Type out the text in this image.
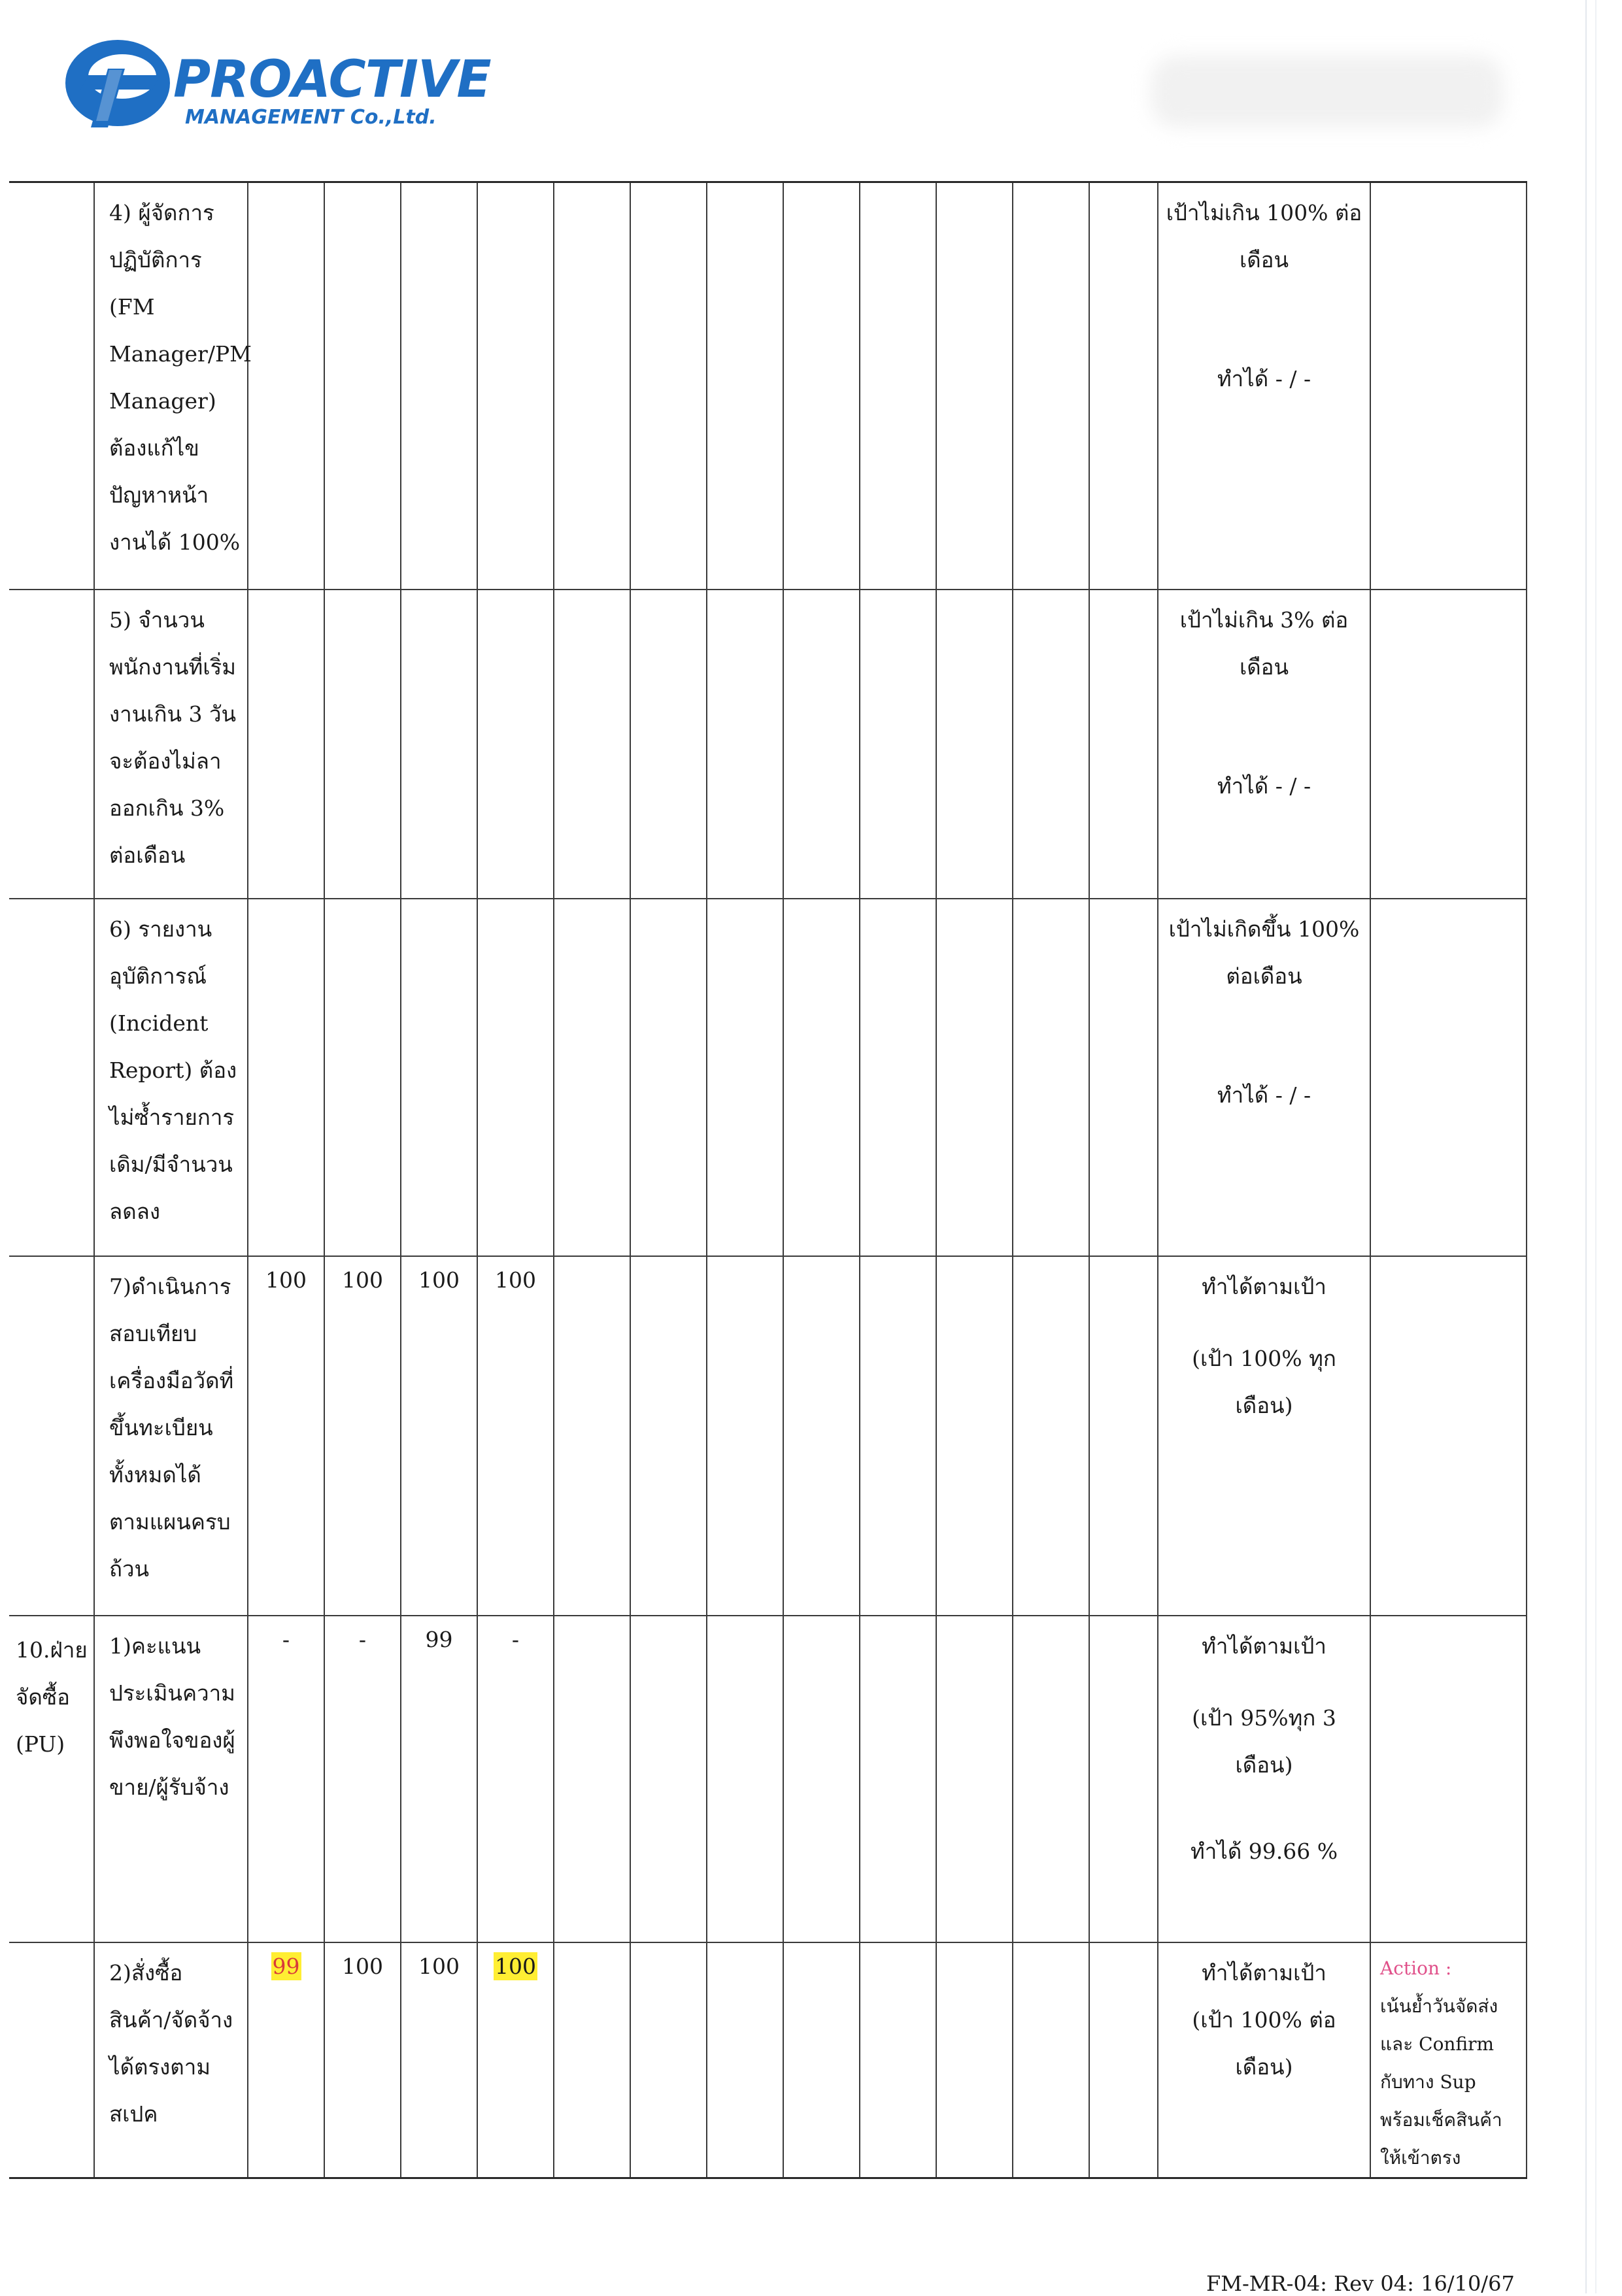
PROACTIVE
MANAGEMENT Co.,Ltd.
	4) ผู้จัดการปฏิบัติการ (FM Manager/PM Manager) ต้องแก้ไขปัญหาหน้างานได้ 100%													เป้าไม่เกิน 100% ต่อเดือน
ทำได้ - / -	
	5) จำนวนพนักงานที่เริ่มงานเกิน 3 วัน จะต้องไม่ลาออกเกิน 3% ต่อเดือน													เป้าไม่เกิน 3% ต่อเดือน
ทำได้ - / -	
	6) รายงานอุบัติการณ์ (Incident Report) ต้องไม่ซ้ำรายการเดิม/มีจำนวนลดลง													เป้าไม่เกิดขึ้น 100% ต่อเดือน
ทำได้ - / -	
	7)ดำเนินการสอบเทียบเครื่องมือวัดที่ขึ้นทะเบียนทั้งหมดได้ตามแผนครบถ้วน	100	100	100	100									ทำได้ตามเป้า
(เป้า 100% ทุกเดือน)	
10.ฝ่ายจัดซื้อ (PU)	1)คะแนนประเมินความพึงพอใจของผู้ขาย/ผู้รับจ้าง	-	-	99	-									ทำได้ตามเป้า
(เป้า 95%ทุก 3 เดือน)
ทำได้ 99.66 %	
	2)สั่งซื้อสินค้า/จัดจ้างได้ตรงตามสเปค	99	100	100	100									ทำได้ตามเป้า
(เป้า 100% ต่อเดือน)	Action :
เน้นย้ำวันจัดส่งและ Confirm กับทาง Sup พร้อมเช็คสินค้าให้เข้าตรง
FM-MR-04: Rev 04: 16/10/67
